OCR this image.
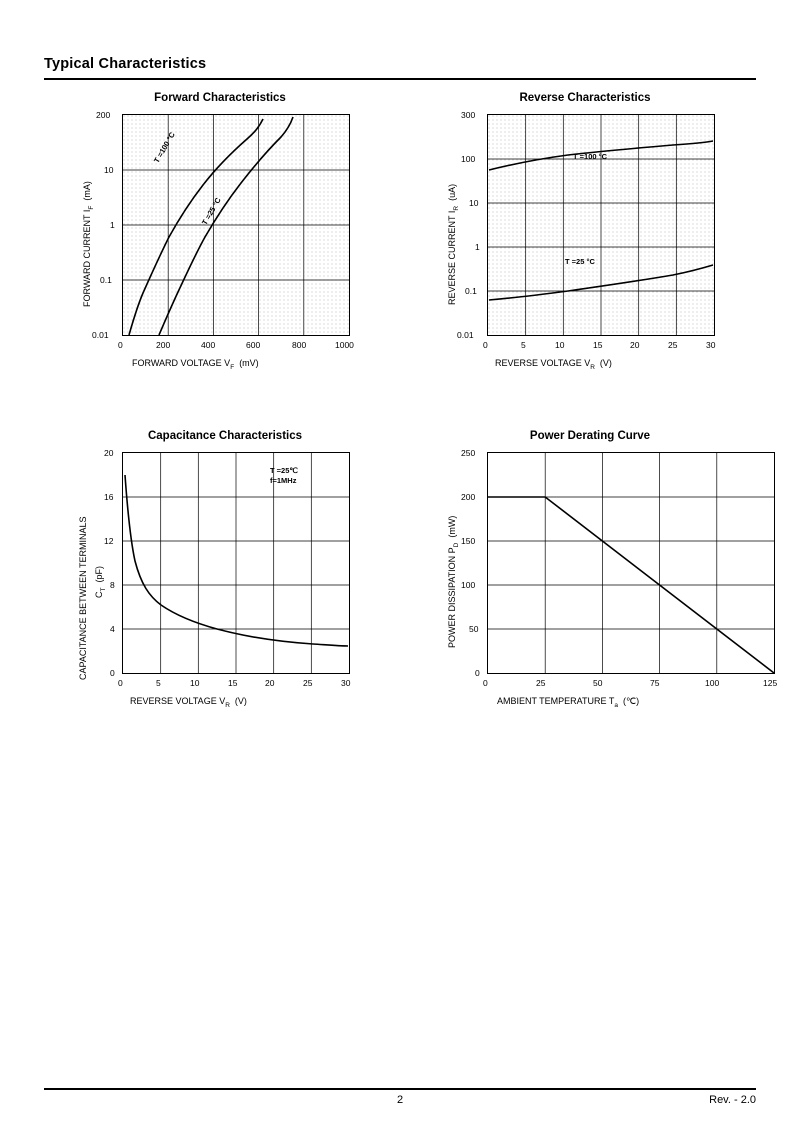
Typical Characteristics
Forward Characteristics
200
10
1
0.1
0.01
0	200	400	600	800	1000
FORWARD VOLTAGE $V_F$ (mV)
FORWARD CURRENT $I_F$  (mA)
T =100 °C
T =25 °C
Reverse Characteristics
300
100
10
1
0.1
0.01
0	5	10	15	20	25	30
REVERSE VOLTAGE $V_R$ (V)
REVERSE CURRENT $I_R$  (uA)
T =100 °C
T =25 °C
Capacitance Characteristics
20
16
12
8
4
0
0	5	10	15	20	25	30
REVERSE VOLTAGE $V_R$ (V)
CAPACITANCE BETWEEN TERMINALS $C_T$  (pF)
T =25℃
f=1MHz
Power Derating Curve
250
200
150
100
50
0
0	25	50	75	100	125
AMBIENT TEMPERATURE $T_a$ (℃)
POWER DISSIPATION $P_D$  (mW)
2	Rev. - 2.0
